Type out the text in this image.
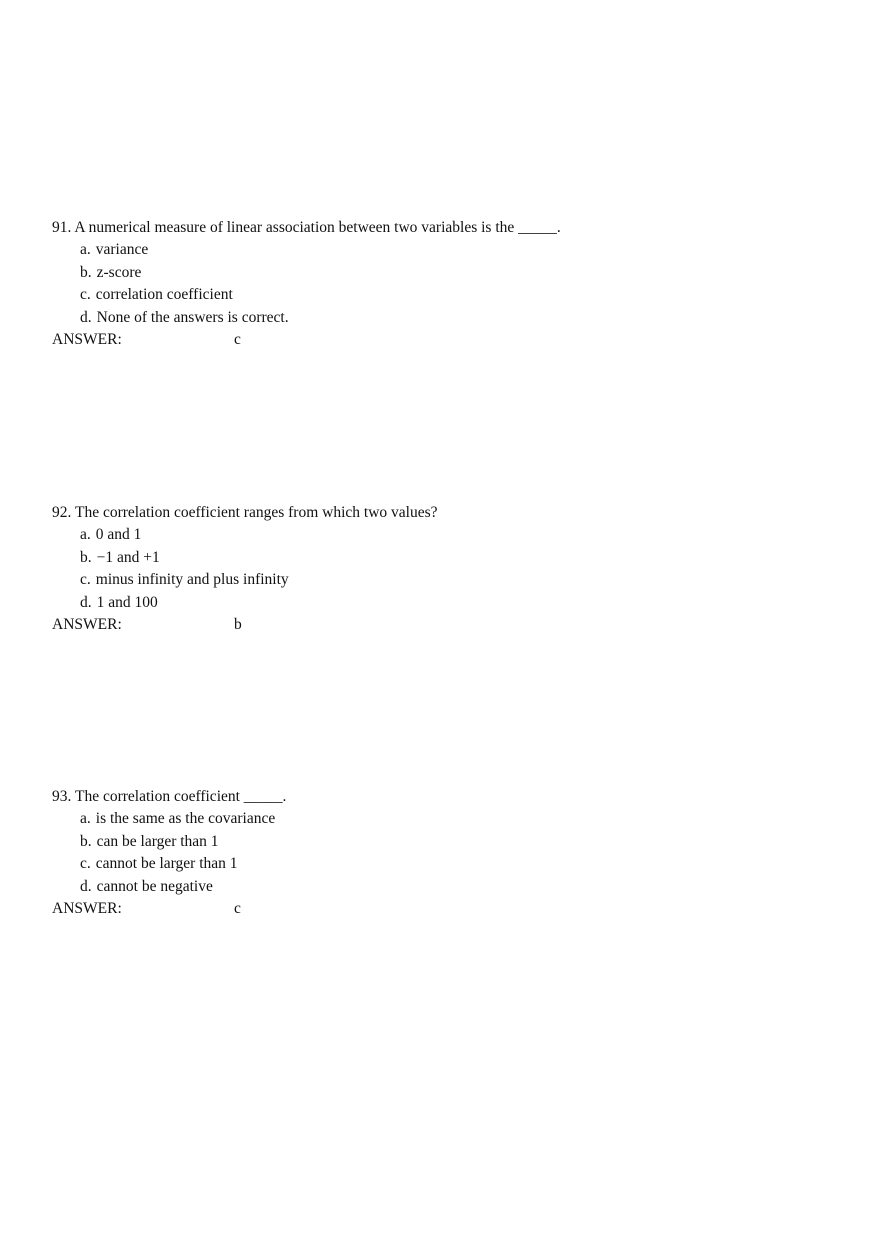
91. A numerical measure of linear association between two variables is the _____.
a. variance
b. z-score
c. correlation coefficient
d. None of the answers is correct.
ANSWER:	c
92. The correlation coefficient ranges from which two values?
a. 0 and 1
b. −1 and +1
c. minus infinity and plus infinity
d. 1 and 100
ANSWER:	b
93. The correlation coefficient _____.
a. is the same as the covariance
b. can be larger than 1
c. cannot be larger than 1
d. cannot be negative
ANSWER:	c
